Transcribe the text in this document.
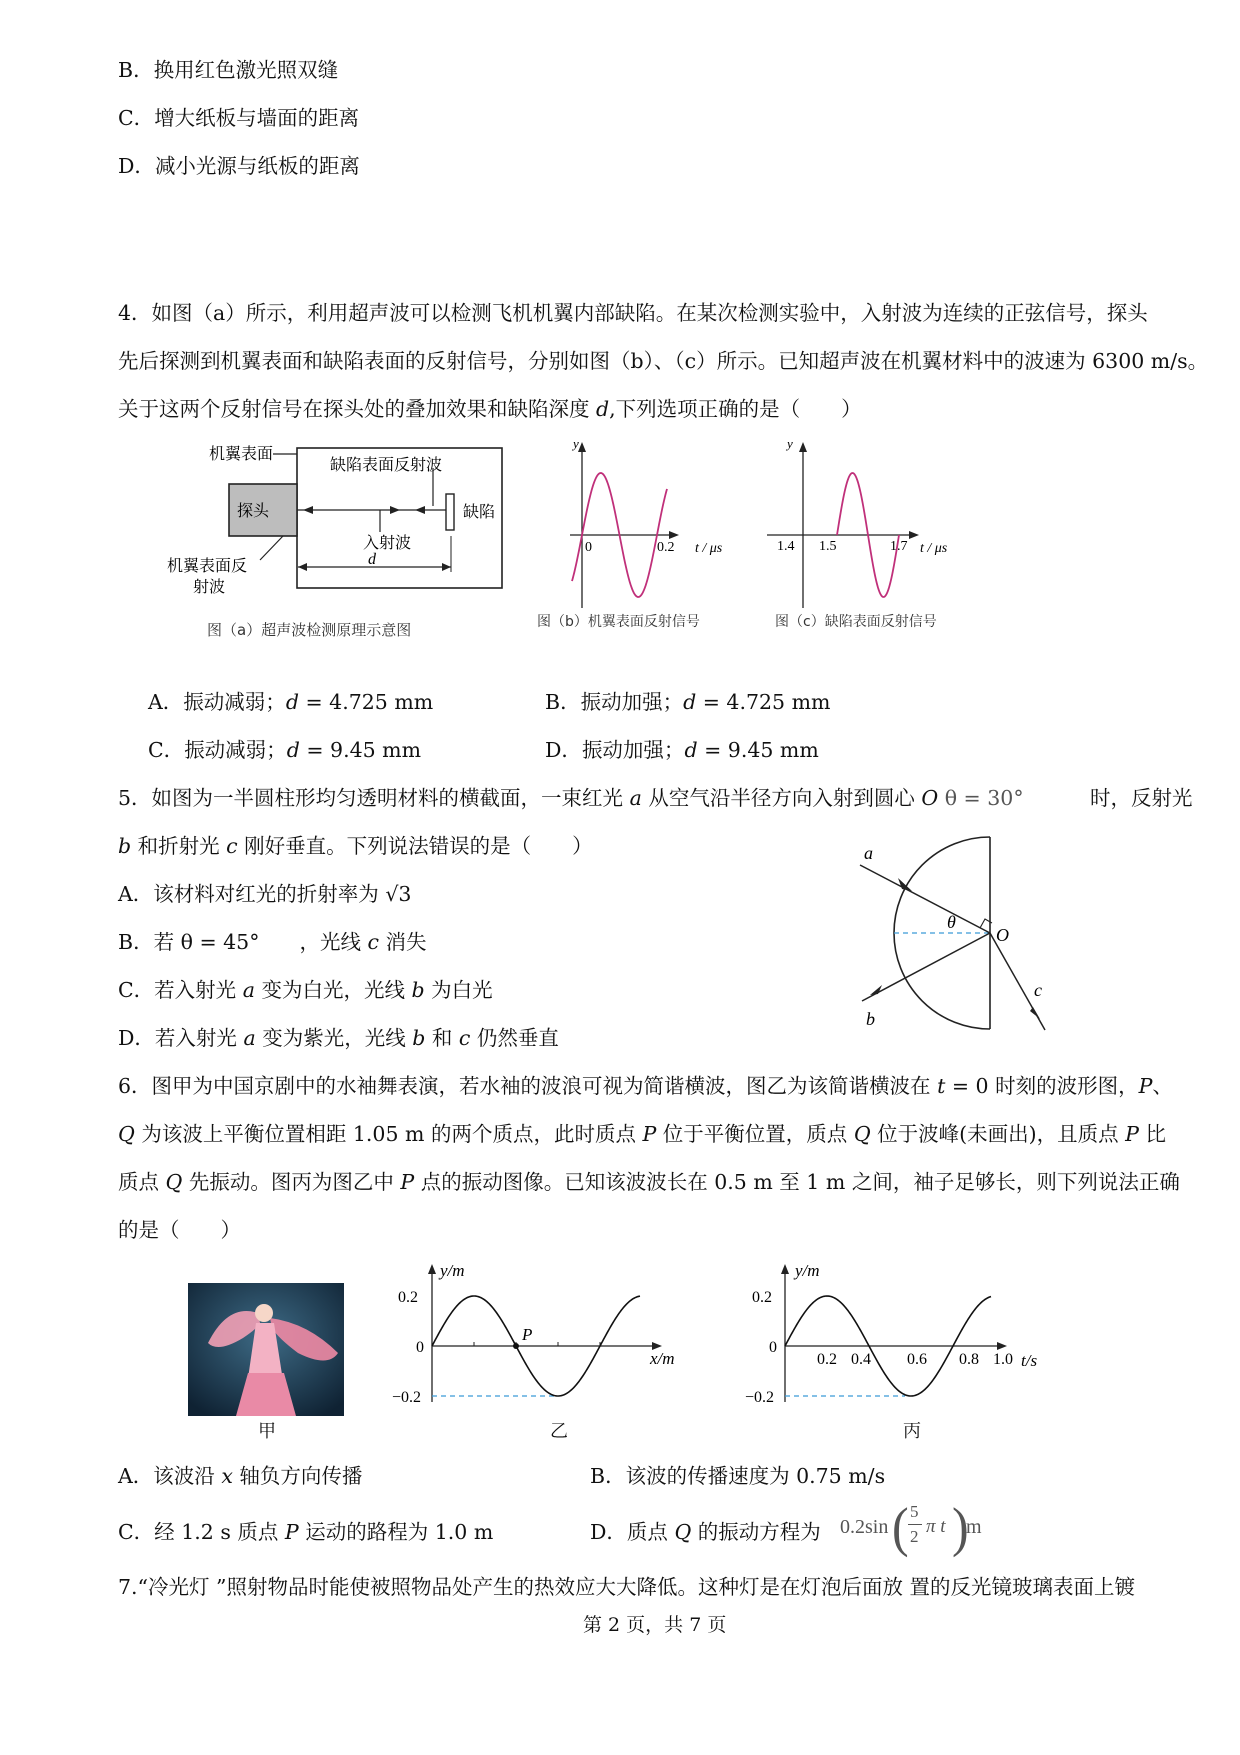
B．换用红色激光照双缝
C．增大纸板与墙面的距离
D．减小光源与纸板的距离
4．如图（a）所示，利用超声波可以检测飞机机翼内部缺陷。在某次检测实验中，入射波为连续的正弦信号，探头
先后探测到机翼表面和缺陷表面的反射信号，分别如图（b）、（c）所示。已知超声波在机翼材料中的波速为 6300 m/s。
关于这两个反射信号在探头处的叠加效果和缺陷深度 d,下列选项正确的是（　　）
机翼表面
缺陷表面反射波
探头	缺陷
入射波
机翼表面反
射波
d
图（a）超声波检测原理示意图
y
0	0.2 t / μs
图（b）机翼表面反射信号
y
1.4 1.5	1.7 t / μs
图（c）缺陷表面反射信号
A．振动减弱；d = 4.725 mm	B．振动加强；d = 4.725 mm
C．振动减弱；d = 9.45 mm	D．振动加强；d = 9.45 mm
5．如图为一半圆柱形均匀透明材料的横截面，一束红光 a 从空气沿半径方向入射到圆心 O θ = 30°	时，反射光
b 和折射光 c 刚好垂直。下列说法错误的是（　　）
A．该材料对红光的折射率为 √3
B．若 θ = 45° ，光线 c 消失
C．若入射光 a 变为白光，光线 b 为白光
D．若入射光 a 变为紫光，光线 b 和 c 仍然垂直
a
b
c
O
θ
6．图甲为中国京剧中的水袖舞表演，若水袖的波浪可视为简谐横波，图乙为该简谐横波在 t = 0 时刻的波形图，P、
Q 为该波上平衡位置相距 1.05 m 的两个质点，此时质点 P 位于平衡位置，质点 Q 位于波峰(未画出)，且质点 P 比
质点 Q 先振动。图丙为图乙中 P 点的振动图像。已知该波波长在 0.5 m 至 1 m 之间，袖子足够长，则下列说法正确
的是（　　）
甲
P
y/m
x/m
0.2
0
−0.2
乙
y/m
0.2
0
−0.2
0.2 0.4 0.6 0.8 1.0 t/s
丙
A．该波沿 x 轴负方向传播	B．该波的传播速度为 0.75 m/s
C．经 1.2 s 质点 P 运动的路程为 1.0 m	D．质点 Q 的振动方程为 0.2sin ( 5
2 π t )
m
7.“冷光灯 ”照射物品时能使被照物品处产生的热效应大大降低。这种灯是在灯泡后面放 置的反光镜玻璃表面上镀
第 2 页，共 7 页
